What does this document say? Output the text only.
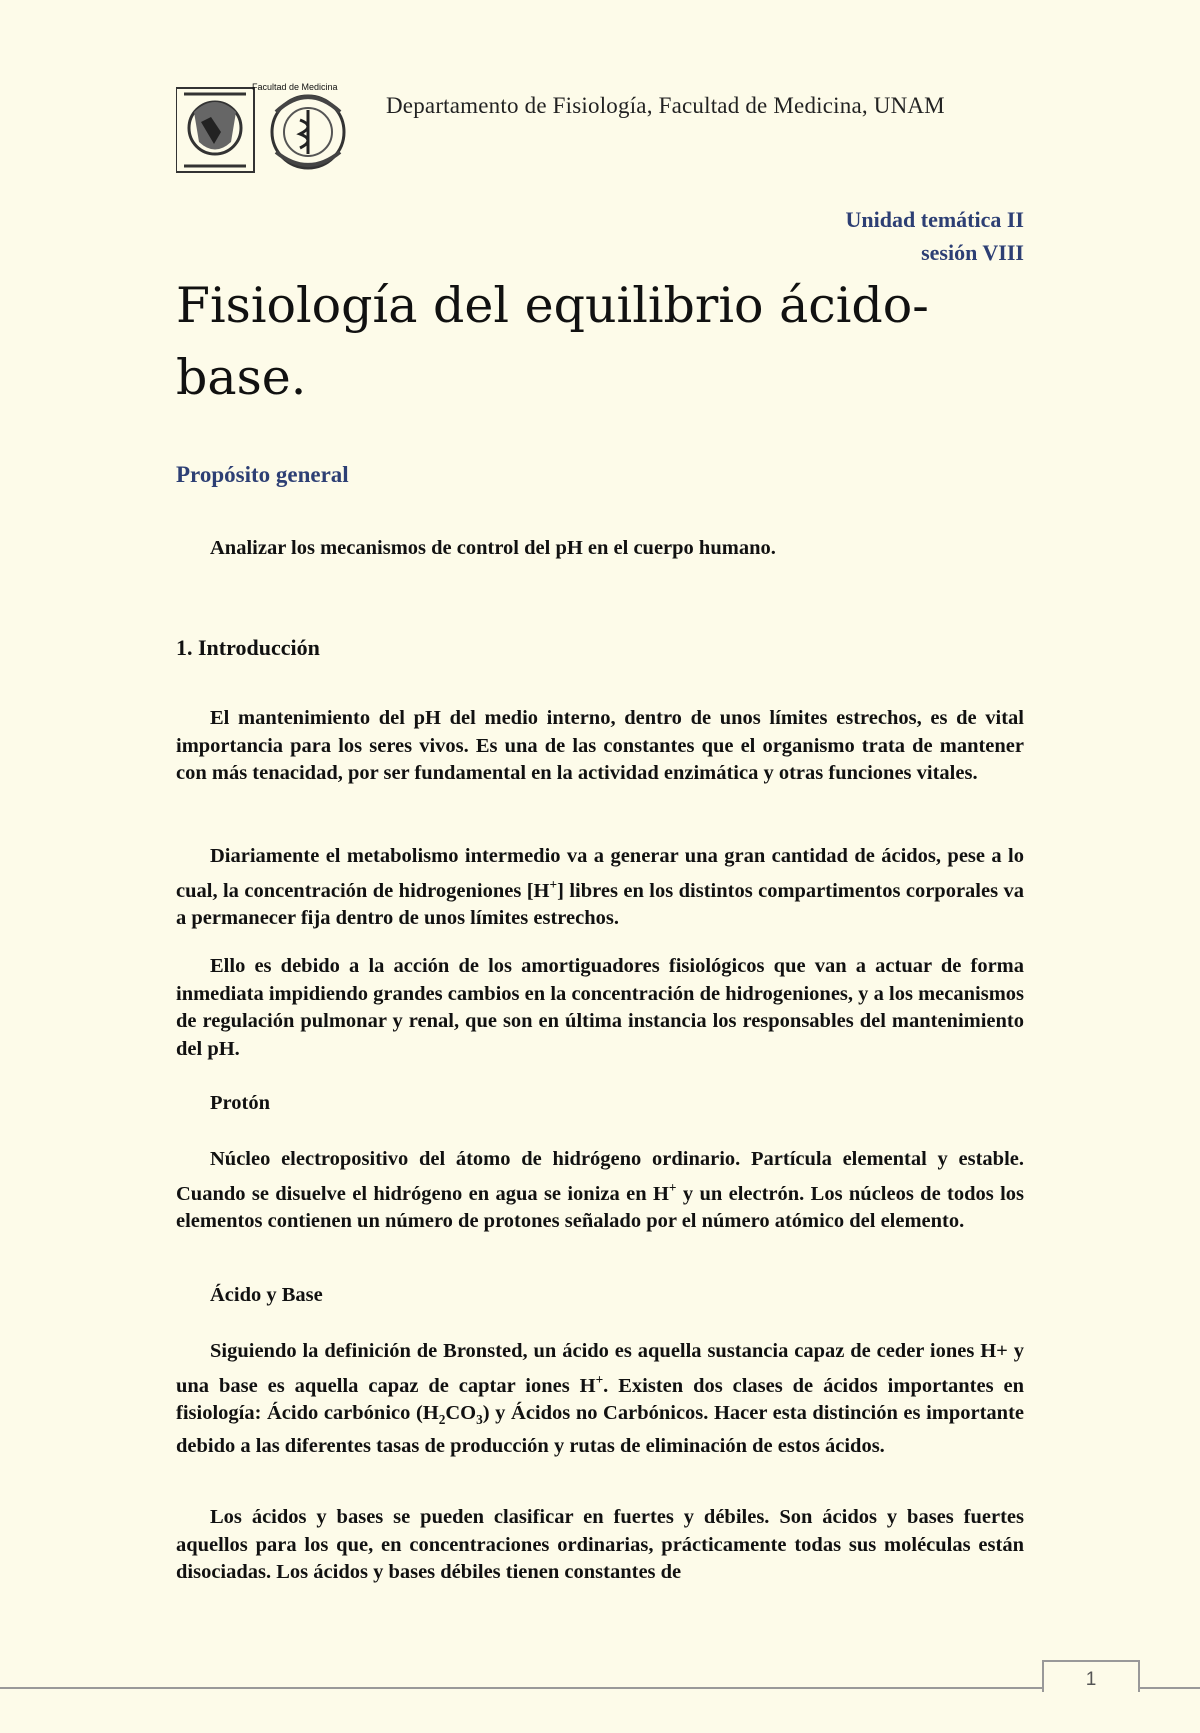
Facultad de Medicina
Departamento de Fisiología, Facultad de Medicina, UNAM
Unidad temática II
sesión VIII
Fisiología del equilibrio ácido-base.
Propósito general
Analizar los mecanismos de control del pH en el cuerpo humano.
1. Introducción
El mantenimiento del pH del medio interno, dentro de unos límites estrechos, es de vital importancia para los seres vivos. Es una de las constantes que el organismo trata de mantener con más tenacidad, por ser fundamental en la actividad enzimática y otras funciones vitales.
Diariamente el metabolismo intermedio va a generar una gran cantidad de ácidos, pese a lo cual, la concentración de hidrogeniones [H+] libres en los distintos compartimentos corporales va a permanecer fija dentro de unos límites estrechos.
Ello es debido a la acción de los amortiguadores fisiológicos que van a actuar de forma inmediata impidiendo grandes cambios en la concentración de hidrogeniones, y a los mecanismos de regulación pulmonar y renal, que son en última instancia los responsables del mantenimiento del pH.
Protón
Núcleo electropositivo del átomo de hidrógeno ordinario. Partícula elemental y estable. Cuando se disuelve el hidrógeno en agua se ioniza en H+ y un electrón. Los núcleos de todos los elementos contienen un número de protones señalado por el número atómico del elemento.
Ácido y Base
Siguiendo la definición de Bronsted, un ácido es aquella sustancia capaz de ceder iones H+ y una base es aquella capaz de captar iones H+. Existen dos clases de ácidos importantes en fisiología: Ácido carbónico $(H_2CO_3)$ y Ácidos no Carbónicos. Hacer esta distinción es importante debido a las diferentes tasas de producción y rutas de eliminación de estos ácidos.
Los ácidos y bases se pueden clasificar en fuertes y débiles. Son ácidos y bases fuertes aquellos para los que, en concentraciones ordinarias, prácticamente todas sus moléculas están disociadas. Los ácidos y bases débiles tienen constantes de
1
